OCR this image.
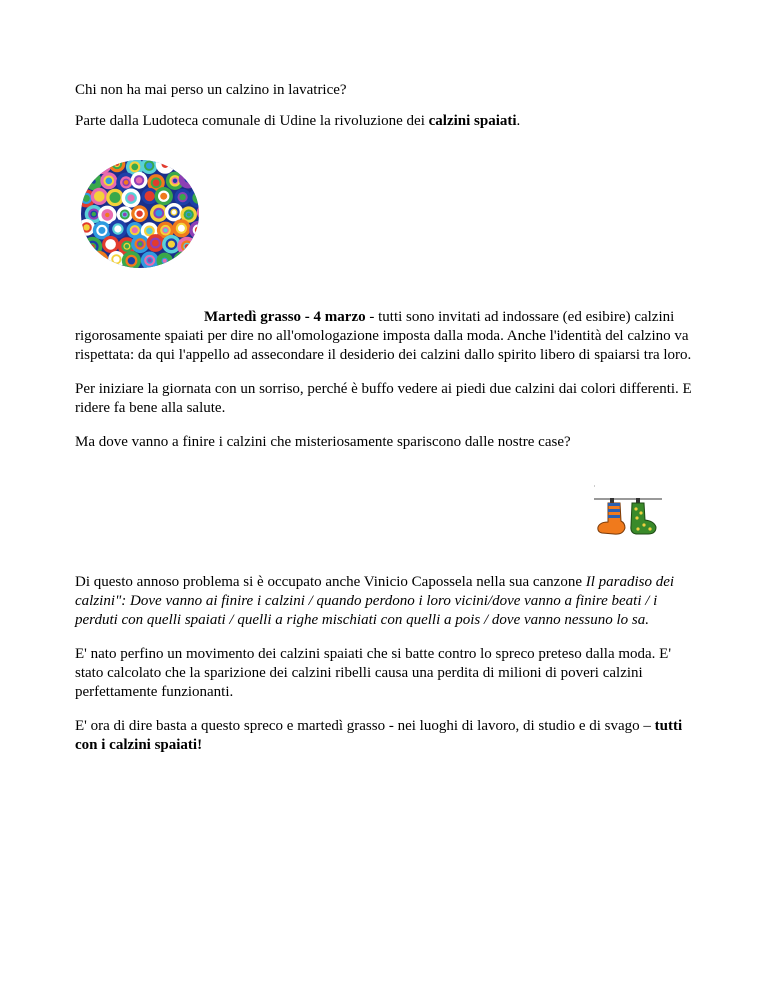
Chi non ha mai perso un calzino in lavatrice?

Parte dalla Ludoteca comunale di Udine la rivoluzione dei calzini spaiati.

Martedì grasso - 4 marzo - tutti sono invitati ad indossare (ed esibire) calzini rigorosamente spaiati per dire no all'omologazione imposta dalla moda. Anche l'identità del calzino va rispettata: da qui l'appello ad assecondare il desiderio dei calzini dallo spirito libero di spaiarsi tra loro.

Per iniziare la giornata con un sorriso, perché è buffo vedere ai piedi due calzini dai colori differenti. E ridere fa bene alla salute.

Ma dove vanno a finire i calzini che misteriosamente spariscono dalle nostre case?

Di questo annoso problema si è occupato anche Vinicio Capossela nella sua canzone Il paradiso dei calzini": Dove vanno ai finire i calzini / quando perdono i loro vicini/dove vanno a finire beati / i perduti con quelli spaiati / quelli a righe mischiati con quelli a pois / dove vanno nessuno lo sa.

E' nato perfino un movimento dei calzini spaiati che si batte contro lo spreco preteso dalla moda. E' stato calcolato che la sparizione dei calzini ribelli causa una perdita di milioni di poveri calzini perfettamente funzionanti.

E' ora di dire basta a questo spreco e martedì grasso - nei luoghi di lavoro, di studio e di svago – tutti con i calzini spaiati!
